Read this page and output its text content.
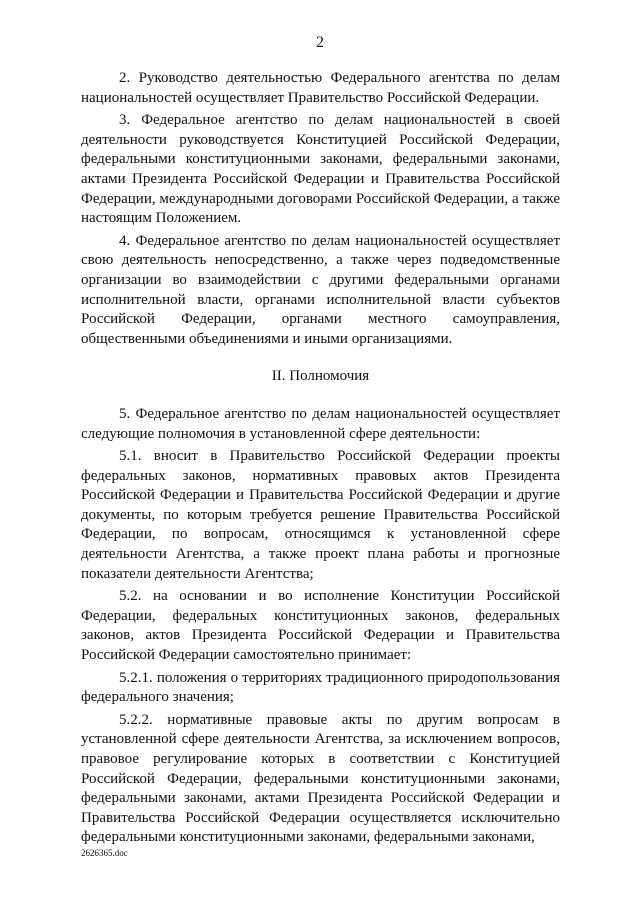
2

2. Руководство деятельностью Федерального агентства по делам национальностей осуществляет Правительство Российской Федерации.

3. Федеральное агентство по делам национальностей в своей деятельности руководствуется Конституцией Российской Федерации, федеральными конституционными законами, федеральными законами, актами Президента Российской Федерации и Правительства Российской Федерации, международными договорами Российской Федерации, а также настоящим Положением.

4. Федеральное агентство по делам национальностей осуществляет свою деятельность непосредственно, а также через подведомственные организации во взаимодействии с другими федеральными органами исполнительной власти, органами исполнительной власти субъектов Российской Федерации, органами местного самоуправления, общественными объединениями и иными организациями.

II. Полномочия

5. Федеральное агентство по делам национальностей осуществляет следующие полномочия в установленной сфере деятельности:

5.1. вносит в Правительство Российской Федерации проекты федеральных законов, нормативных правовых актов Президента Российской Федерации и Правительства Российской Федерации и другие документы, по которым требуется решение Правительства Российской Федерации, по вопросам, относящимся к установленной сфере деятельности Агентства, а также проект плана работы и прогнозные показатели деятельности Агентства;

5.2. на основании и во исполнение Конституции Российской Федерации, федеральных конституционных законов, федеральных законов, актов Президента Российской Федерации и Правительства Российской Федерации самостоятельно принимает:

5.2.1. положения о территориях традиционного природопользования федерального значения;

5.2.2. нормативные правовые акты по другим вопросам в установленной сфере деятельности Агентства, за исключением вопросов, правовое регулирование которых в соответствии с Конституцией Российской Федерации, федеральными конституционными законами, федеральными законами, актами Президента Российской Федерации и Правительства Российской Федерации осуществляется исключительно федеральными конституционными законами, федеральными законами,

2626365.doc
